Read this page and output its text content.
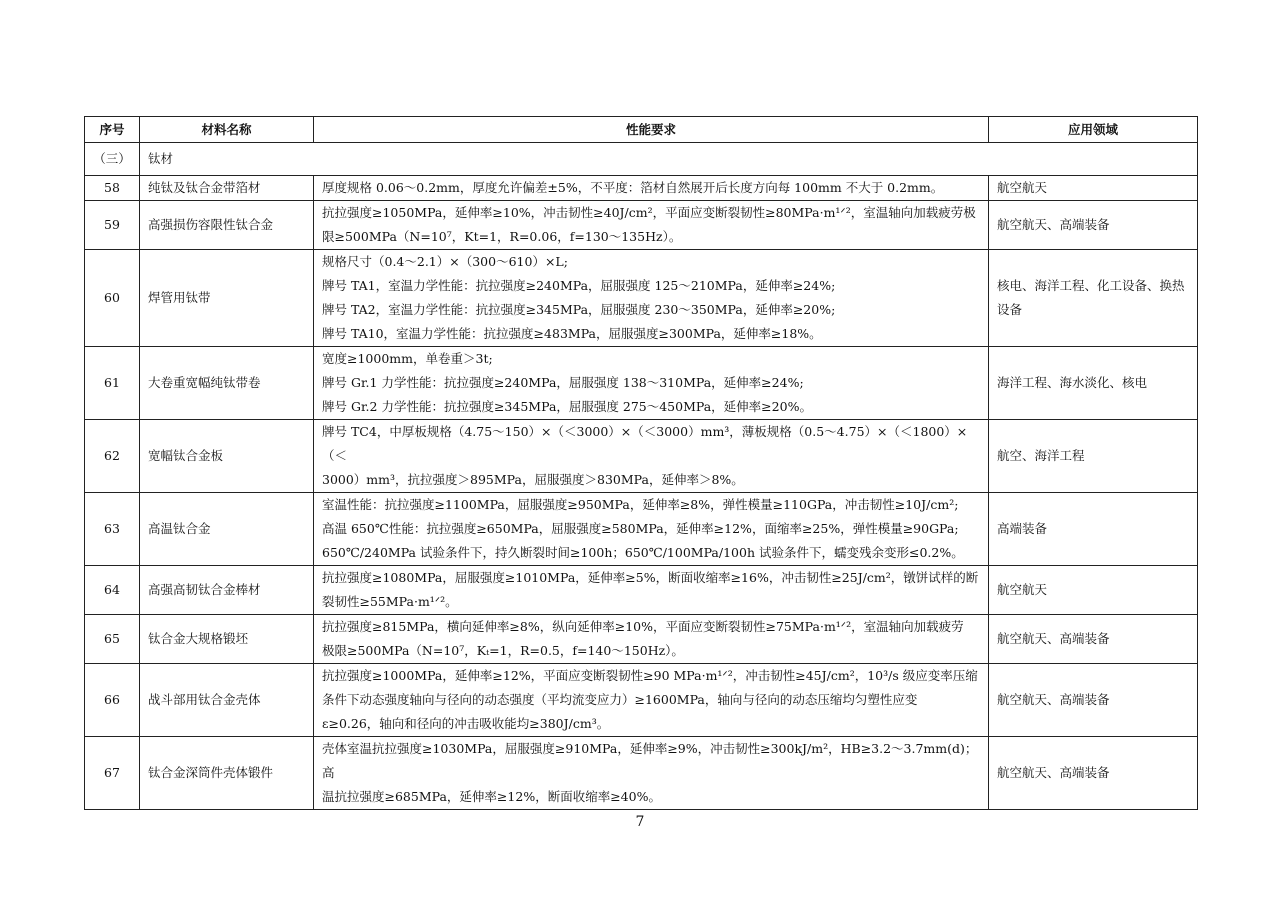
序号	材料名称	性能要求	应用领域
（三）	钛材		
58	纯钛及钛合金带箔材	厚度规格 0.06～0.2mm，厚度允许偏差±5%，不平度：箔材自然展开后长度方向每 100mm 不大于 0.2mm。	航空航天
59	高强损伤容限性钛合金	抗拉强度≥1050MPa，延伸率≥10%，冲击韧性≥40J/cm²，平面应变断裂韧性≥80MPa·m¹ᐟ²，室温轴向加载疲劳极
限≥500MPa（N=10⁷，Kt=1，R=0.06，f=130～135Hz）。	航空航天、高端装备
60	焊管用钛带	规格尺寸（0.4～2.1）×（300～610）×L;
牌号 TA1，室温力学性能：抗拉强度≥240MPa，屈服强度 125～210MPa，延伸率≥24%;
牌号 TA2，室温力学性能：抗拉强度≥345MPa，屈服强度 230～350MPa，延伸率≥20%;
牌号 TA10，室温力学性能：抗拉强度≥483MPa，屈服强度≥300MPa，延伸率≥18%。	核电、海洋工程、化工设备、换热设备
61	大卷重宽幅纯钛带卷	宽度≥1000mm，单卷重＞3t;
牌号 Gr.1 力学性能：抗拉强度≥240MPa，屈服强度 138～310MPa，延伸率≥24%;
牌号 Gr.2 力学性能：抗拉强度≥345MPa，屈服强度 275～450MPa，延伸率≥20%。	海洋工程、海水淡化、核电
62	宽幅钛合金板	牌号 TC4，中厚板规格（4.75～150）×（＜3000）×（＜3000）mm³，薄板规格（0.5～4.75）×（＜1800）×（＜
3000）mm³，抗拉强度＞895MPa，屈服强度＞830MPa，延伸率＞8%。	航空、海洋工程
63	高温钛合金	室温性能：抗拉强度≥1100MPa，屈服强度≥950MPa，延伸率≥8%，弹性模量≥110GPa，冲击韧性≥10J/cm²;
高温 650℃性能：抗拉强度≥650MPa，屈服强度≥580MPa，延伸率≥12%，面缩率≥25%，弹性模量≥90GPa;
650℃/240MPa 试验条件下，持久断裂时间≥100h；650℃/100MPa/100h 试验条件下，蠕变残余变形≤0.2%。	高端装备
64	高强高韧钛合金棒材	抗拉强度≥1080MPa，屈服强度≥1010MPa，延伸率≥5%，断面收缩率≥16%，冲击韧性≥25J/cm²，镦饼试样的断
裂韧性≥55MPa·m¹ᐟ²。	航空航天
65	钛合金大规格锻坯	抗拉强度≥815MPa，横向延伸率≥8%，纵向延伸率≥10%，平面应变断裂韧性≥75MPa·m¹ᐟ²，室温轴向加载疲劳
极限≥500MPa（N=10⁷，Kₜ=1，R=0.5，f=140～150Hz）。	航空航天、高端装备
66	战斗部用钛合金壳体	抗拉强度≥1000MPa，延伸率≥12%，平面应变断裂韧性≥90 MPa·m¹ᐟ²，冲击韧性≥45J/cm²，10³/s 级应变率压缩
条件下动态强度轴向与径向的动态强度（平均流变应力）≥1600MPa，轴向与径向的动态压缩均匀塑性应变
ε≥0.26，轴向和径向的冲击吸收能均≥380J/cm³。	航空航天、高端装备
67	钛合金深筒件壳体锻件	壳体室温抗拉强度≥1030MPa，屈服强度≥910MPa，延伸率≥9%，冲击韧性≥300kJ/m²，HB≥3.2～3.7mm(d)；高
温抗拉强度≥685MPa，延伸率≥12%，断面收缩率≥40%。	航空航天、高端装备
7
